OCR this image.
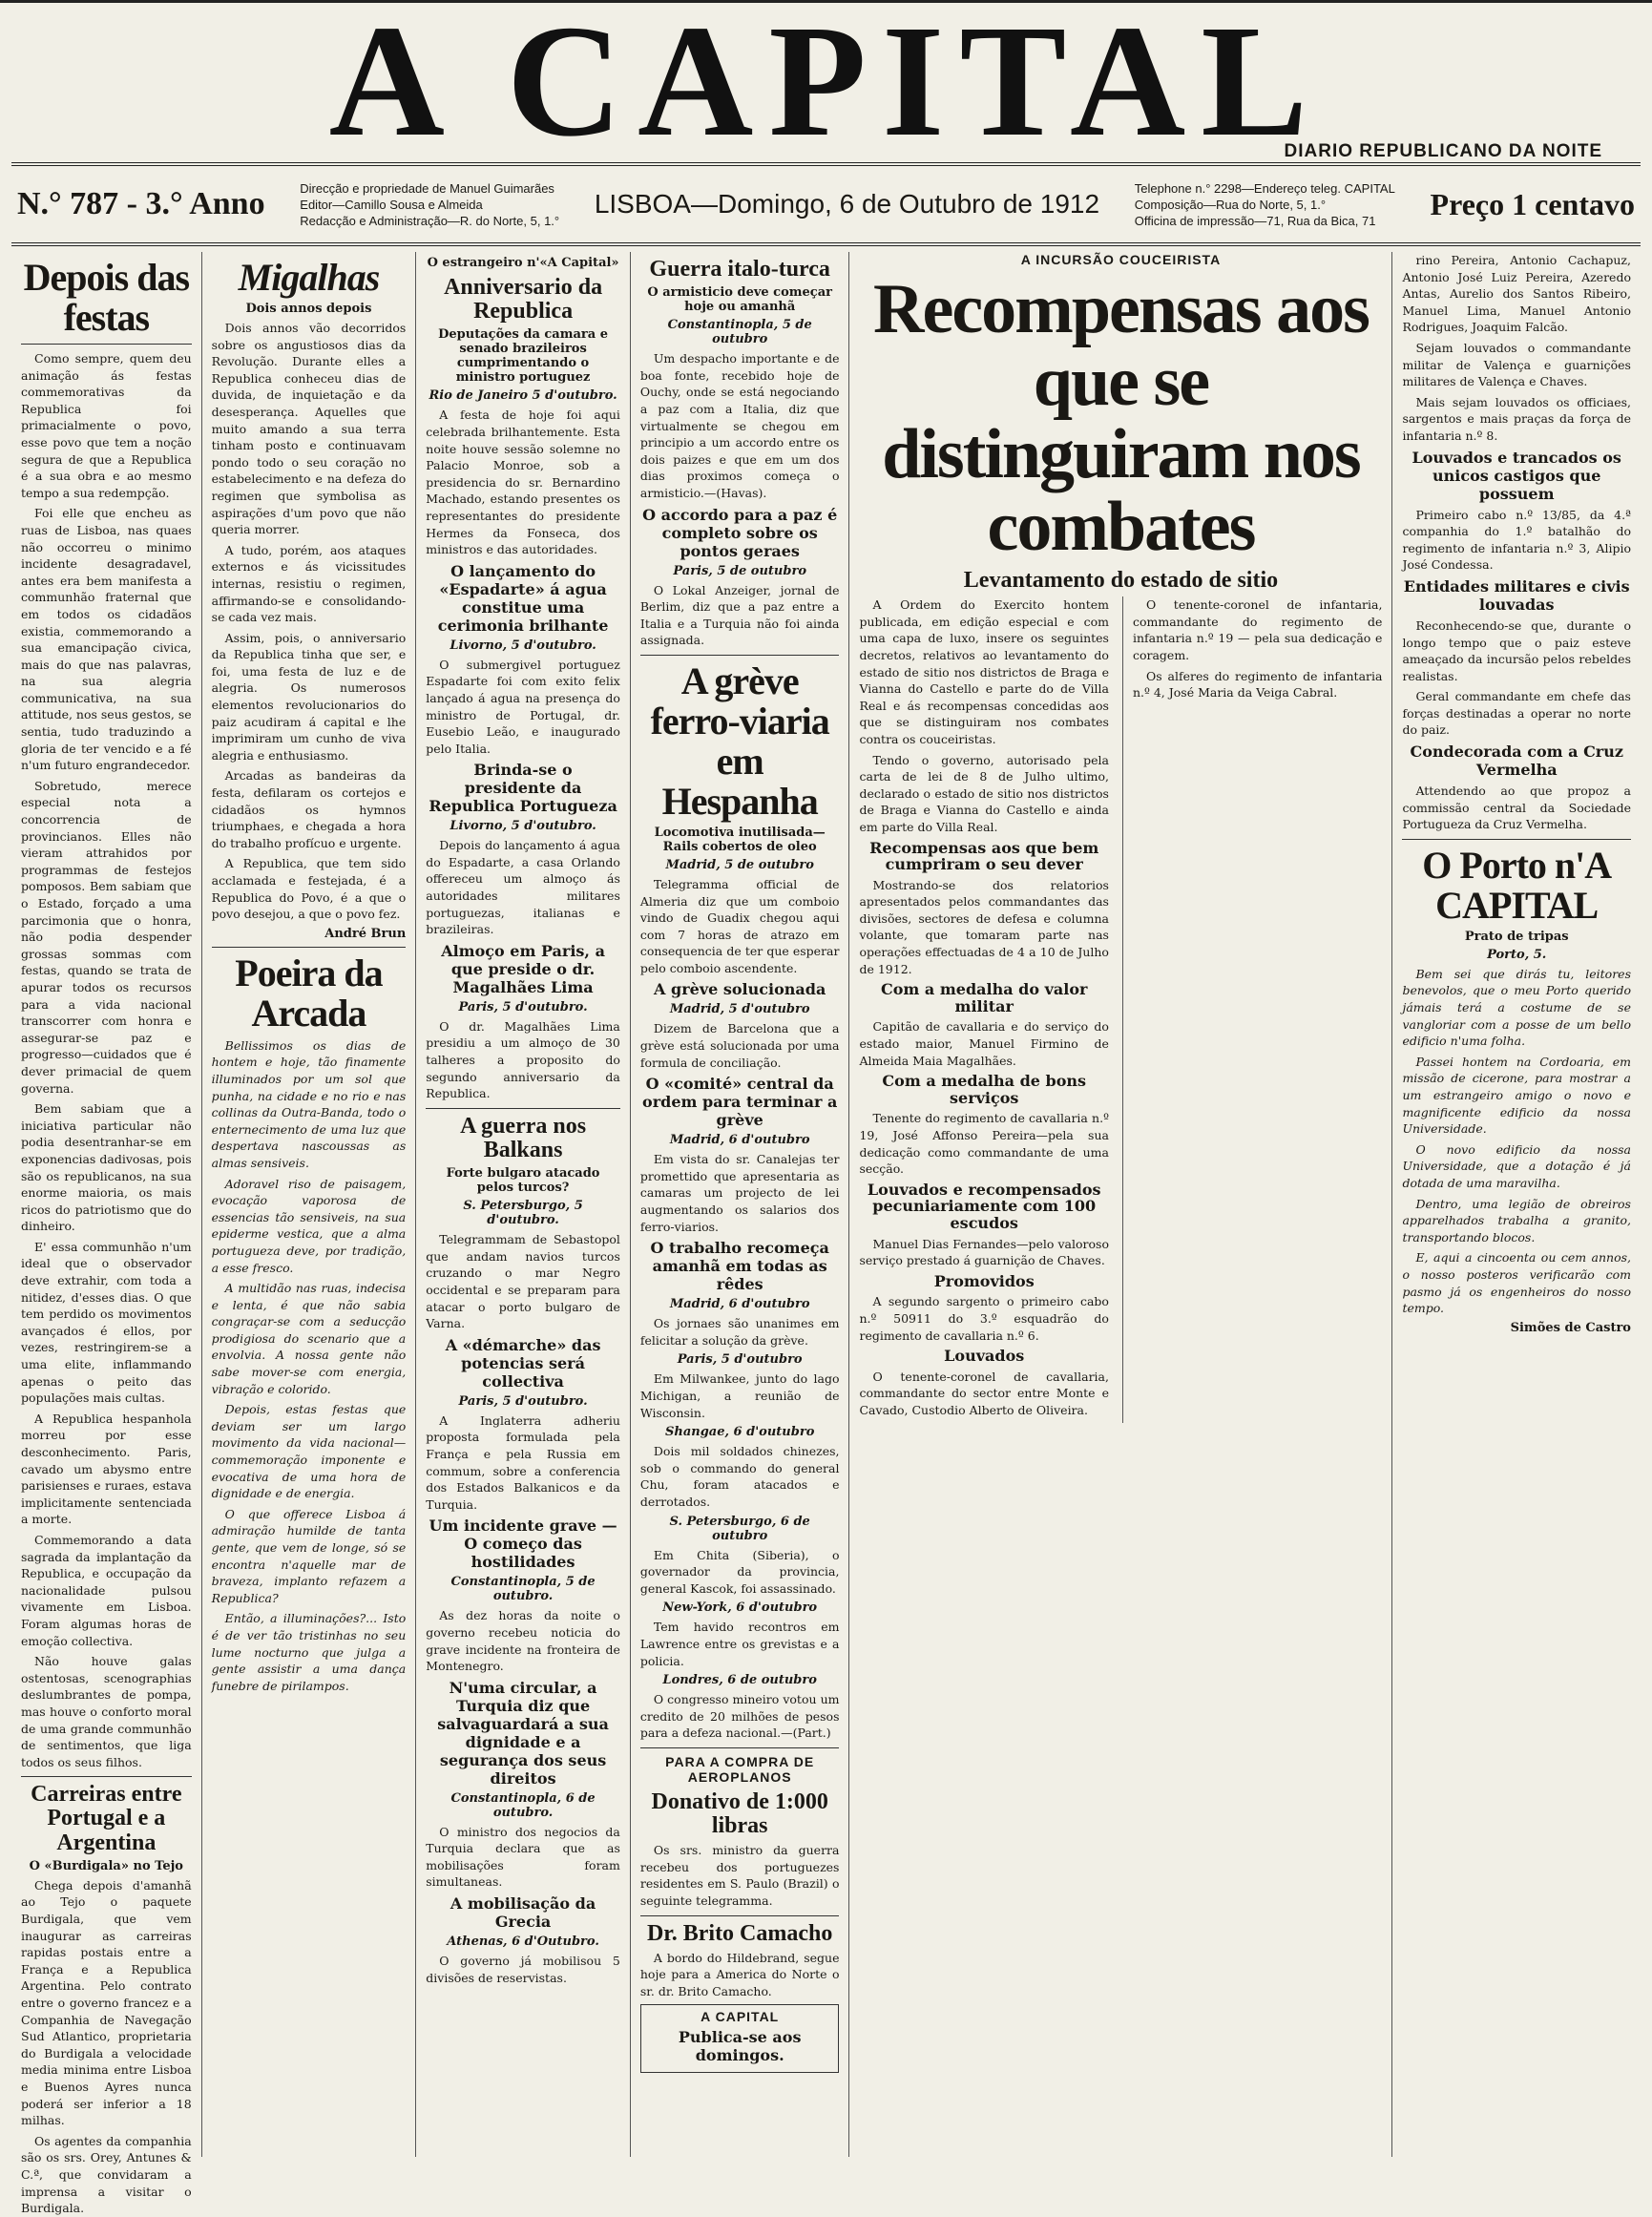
A CAPITAL
DIARIO REPUBLICANO DA NOITE
N.° 787 - 3.° Anno	Direcção e propriedade de Manuel Guimarães
Editor—Camillo Sousa e Almeida
Redacção e Administração—R. do Norte, 5, 1.°
LISBOA—Domingo, 6 de Outubro de 1912
Telephone n.° 2298—Endereço teleg. CAPITAL
Composição—Rua do Norte, 5, 1.°
Officina de impressão—71, Rua da Bica, 71	Preço 1 centavo
Depois das festas

Como sempre, quem deu animação ás festas commemorativas da Republica foi primacialmente o povo, esse povo que tem a noção segura de que a Republica é a sua obra e ao mesmo tempo a sua redempção.

Foi elle que encheu as ruas de Lisboa, nas quaes não occorreu o minimo incidente desagradavel, antes era bem manifesta a communhão fraternal que em todos os cidadãos existia, commemorando a sua emancipação civica, mais do que nas palavras, na sua alegria communicativa, na sua attitude, nos seus gestos, se sentia, tudo traduzindo a gloria de ter vencido e a fé n'um futuro engrandecedor.

Sobretudo, merece especial nota a concorrencia de provincianos. Elles não vieram attrahidos por programmas de festejos pomposos. Bem sabiam que o Estado, forçado a uma parcimonia que o honra, não podia despender grossas sommas com festas, quando se trata de apurar todos os recursos para a vida nacional transcorrer com honra e assegurar-se paz e progresso—cuidados que é dever primacial de quem governa.

Bem sabiam que a iniciativa particular não podia desentranhar-se em exponencias dadivosas, pois são os republicanos, na sua enorme maioria, os mais ricos do patriotismo que do dinheiro.

E' essa communhão n'um ideal que o observador deve extrahir, com toda a nitidez, d'esses dias. O que tem perdido os movimentos avançados é ellos, por vezes, restringirem-se a uma elite, inflammando apenas o peito das populações mais cultas.

A Republica hespanhola morreu por esse desconhecimento. Paris, cavado um abysmo entre parisienses e ruraes, estava implicitamente sentenciada a morte.

Commemorando a data sagrada da implantação da Republica, e occupação da nacionalidade pulsou vivamente em Lisboa. Foram algumas horas de emoção collectiva.

Não houve galas ostentosas, scenographias deslumbrantes de pompa, mas houve o conforto moral de uma grande communhão de sentimentos, que liga todos os seus filhos.

Carreiras entre Portugal e a Argentina
O «Burdigala» no Tejo

Chega depois d'amanhã ao Tejo o paquete Burdigala, que vem inaugurar as carreiras rapidas postais entre a França e a Republica Argentina. Pelo contrato entre o governo francez e a Companhia de Navegação Sud Atlantico, proprietaria do Burdigala a velocidade media minima entre Lisboa e Buenos Ayres nunca poderá ser inferior a 18 milhas.

Os agentes da companhia são os srs. Orey, Antunes & C.ª, que convidaram a imprensa a visitar o Burdigala.

Migalhas
Dois annos depois

Dois annos vão decorridos sobre os angustiosos dias da Revolução. Durante elles a Republica conheceu dias de duvida, de inquietação e da desesperança. Aquelles que muito amando a sua terra tinham posto e continuavam pondo todo o seu coração no estabelecimento e na defeza do regimen que symbolisa as aspirações d'um povo que não queria morrer.

A tudo, porém, aos ataques externos e ás vicissitudes internas, resistiu o regimen, affirmando-se e consolidando-se cada vez mais.

Assim, pois, o anniversario da Republica tinha que ser, e foi, uma festa de luz e de alegria. Os numerosos elementos revolucionarios do paiz acudiram á capital e lhe imprimiram um cunho de viva alegria e enthusiasmo.

Arcadas as bandeiras da festa, defilaram os cortejos e cidadãos os hymnos triumphaes, e chegada a hora do trabalho profícuo e urgente.

A Republica, que tem sido acclamada e festejada, é a Republica do Povo, é a que o povo desejou, a que o povo fez.

André Brun
Poeira da Arcada

Bellissimos os dias de hontem e hoje, tão finamente illuminados por um sol que punha, na cidade e no rio e nas collinas da Outra-Banda, todo o enternecimento de uma luz que despertava nascoussas as almas sensiveis.

Adoravel riso de paisagem, evocação vaporosa de essencias tão sensiveis, na sua epiderme vestica, que a alma portugueza deve, por tradição, a esse fresco.

A multidão nas ruas, indecisa e lenta, é que não sabia congraçar-se com a seducção prodigiosa do scenario que a envolvia. A nossa gente não sabe mover-se com energia, vibração e colorido.

Depois, estas festas que deviam ser um largo movimento da vida nacional—commemoração imponente e evocativa de uma hora de dignidade e de energia.

O que offerece Lisboa á admiração humilde de tanta gente, que vem de longe, só se encontra n'aquelle mar de braveza, implanto refazem a Republica?

Então, a illuminações?... Isto é de ver tão tristinhas no seu lume nocturno que julga a gente assistir a uma dança funebre de pirilampos.

O estrangeiro n'«A Capital»
Anniversario da Republica
Deputações da camara e senado brazileiros cumprimentando o ministro portuguez
Rio de Janeiro 5 d'outubro.

A festa de hoje foi aqui celebrada brilhantemente. Esta noite houve sessão solemne no Palacio Monroe, sob a presidencia do sr. Bernardino Machado, estando presentes os representantes do presidente Hermes da Fonseca, dos ministros e das autoridades.

O lançamento do «Espadarte» á agua constitue uma cerimonia brilhante
Livorno, 5 d'outubro.

O submergivel portuguez Espadarte foi com exito felix lançado á agua na presença do ministro de Portugal, dr. Eusebio Leão, e inaugurado pelo Italia.

Brinda-se o presidente da Republica Portugueza
Livorno, 5 d'outubro.

Depois do lançamento á agua do Espadarte, a casa Orlando offereceu um almoço ás autoridades militares portuguezas, italianas e brazileiras.

Almoço em Paris, a que preside o dr. Magalhães Lima
Paris, 5 d'outubro.

O dr. Magalhães Lima presidiu a um almoço de 30 talheres a proposito do segundo anniversario da Republica.

A guerra nos Balkans
Forte bulgaro atacado pelos turcos?
S. Petersburgo, 5 d'outubro.

Telegrammam de Sebastopol que andam navios turcos cruzando o mar Negro occidental e se preparam para atacar o porto bulgaro de Varna.

A «démarche» das potencias será collectiva
Paris, 5 d'outubro.

A Inglaterra adheriu proposta formulada pela França e pela Russia em commum, sobre a conferencia dos Estados Balkanicos e da Turquia.

Um incidente grave — O começo das hostilidades
Constantinopla, 5 de outubro.

As dez horas da noite o governo recebeu noticia do grave incidente na fronteira de Montenegro.

N'uma circular, a Turquia diz que salvaguardará a sua dignidade e a segurança dos seus direitos
Constantinopla, 6 de outubro.

O ministro dos negocios da Turquia declara que as mobilisações foram simultaneas.

A mobilisação da Grecia
Athenas, 6 d'Outubro.

O governo já mobilisou 5 divisões de reservistas.

Guerra italo-turca
O armisticio deve começar hoje ou amanhã
Constantinopla, 5 de outubro

Um despacho importante e de boa fonte, recebido hoje de Ouchy, onde se está negociando a paz com a Italia, diz que virtualmente se chegou em principio a um accordo entre os dois paizes e que em um dos dias proximos começa o armisticio.—(Havas).

O accordo para a paz é completo sobre os pontos geraes
Paris, 5 de outubro

O Lokal Anzeiger, jornal de Berlim, diz que a paz entre a Italia e a Turquia não foi ainda assignada.

A grève ferro-viaria em Hespanha
Locomotiva inutilisada—Rails cobertos de oleo
Madrid, 5 de outubro

Telegramma official de Almeria diz que um comboio vindo de Guadix chegou aqui com 7 horas de atrazo em consequencia de ter que esperar pelo comboio ascendente.

A grève solucionada
Madrid, 5 d'outubro

Dizem de Barcelona que a grève está solucionada por uma formula de conciliação.

O «comité» central da ordem para terminar a grève
Madrid, 6 d'outubro

Em vista do sr. Canalejas ter promettido que apresentaria as camaras um projecto de lei augmentando os salarios dos ferro-viarios.

O trabalho recomeça amanhã em todas as rêdes
Madrid, 6 d'outubro

Os jornaes são unanimes em felicitar a solução da grève.

Paris, 5 d'outubro

Em Milwankee, junto do lago Michigan, a reunião de Wisconsin.

Shangae, 6 d'outubro

Dois mil soldados chinezes, sob o commando do general Chu, foram atacados e derrotados.

S. Petersburgo, 6 de outubro

Em Chita (Siberia), o governador da provincia, general Kascok, foi assassinado.

New-York, 6 d'outubro

Tem havido recontros em Lawrence entre os grevistas e a policia.

Londres, 6 de outubro

O congresso mineiro votou um credito de 20 milhões de pesos para a defeza nacional.—(Part.)

PARA A COMPRA DE AEROPLANOS
Donativo de 1:000 libras

Os srs. ministro da guerra recebeu dos portuguezes residentes em S. Paulo (Brazil) o seguinte telegramma.

Dr. Brito Camacho

A bordo do Hildebrand, segue hoje para a America do Norte o sr. dr. Brito Camacho.

A CAPITAL
Publica-se aos domingos.
A INCURSÃO COUCEIRISTA
Recompensas aos que se distinguiram nos combates
Levantamento do estado de sitio

A Ordem do Exercito hontem publicada, em edição especial e com uma capa de luxo, insere os seguintes decretos, relativos ao levantamento do estado de sitio nos districtos de Braga e Vianna do Castello e parte do de Villa Real e ás recompensas concedidas aos que se distinguiram nos combates contra os couceiristas.

Tendo o governo, autorisado pela carta de lei de 8 de Julho ultimo, declarado o estado de sitio nos districtos de Braga e Vianna do Castello e ainda em parte do Villa Real.

Recompensas aos que bem cumpriram o seu dever

Mostrando-se dos relatorios apresentados pelos commandantes das divisões, sectores de defesa e columna volante, que tomaram parte nas operações effectuadas de 4 a 10 de Julho de 1912.

Com a medalha do valor militar

Capitão de cavallaria e do serviço do estado maior, Manuel Firmino de Almeida Maia Magalhães.

Com a medalha de bons serviços

Tenente do regimento de cavallaria n.º 19, José Affonso Pereira—pela sua dedicação como commandante de uma secção.

Louvados e recompensados pecuniariamente com 100 escudos

Manuel Dias Fernandes—pelo valoroso serviço prestado á guarnição de Chaves.

Promovidos

A segundo sargento o primeiro cabo n.º 50911 do 3.º esquadrão do regimento de cavallaria n.º 6.

Louvados

O tenente-coronel de cavallaria, commandante do sector entre Monte e Cavado, Custodio Alberto de Oliveira.

O tenente-coronel de infantaria, commandante do regimento de infantaria n.º 19 — pela sua dedicação e coragem.

Os alferes do regimento de infantaria n.º 4, José Maria da Veiga Cabral.

rino Pereira, Antonio Cachapuz, Antonio José Luiz Pereira, Azeredo Antas, Aurelio dos Santos Ribeiro, Manuel Lima, Manuel Antonio Rodrigues, Joaquim Falcão.

Sejam louvados o commandante militar de Valença e guarnições militares de Valença e Chaves.

Mais sejam louvados os officiaes, sargentos e mais praças da força de infantaria n.º 8.

Louvados e trancados os unicos castigos que possuem

Primeiro cabo n.º 13/85, da 4.ª companhia do 1.º batalhão do regimento de infantaria n.º 3, Alipio José Condessa.

Entidades militares e civis louvadas

Reconhecendo-se que, durante o longo tempo que o paiz esteve ameaçado da incursão pelos rebeldes realistas.

Geral commandante em chefe das forças destinadas a operar no norte do paiz.

Condecorada com a Cruz Vermelha

Attendendo ao que propoz a commissão central da Sociedade Portugueza da Cruz Vermelha.

O Porto n'A CAPITAL
Prato de tripas
Porto, 5.

Bem sei que dirás tu, leitores benevolos, que o meu Porto querido jámais terá a costume de se vangloriar com a posse de um bello edificio n'uma folha.

Passei hontem na Cordoaria, em missão de cicerone, para mostrar a um estrangeiro amigo o novo e magnificente edificio da nossa Universidade.

O novo edificio da nossa Universidade, que a dotação é já dotada de uma maravilha.

Dentro, uma legião de obreiros apparelhados trabalha a granito, transportando blocos.

E, aqui a cincoenta ou cem annos, o nosso posteros verificarão com pasmo já os engenheiros do nosso tempo.

Simões de Castro
